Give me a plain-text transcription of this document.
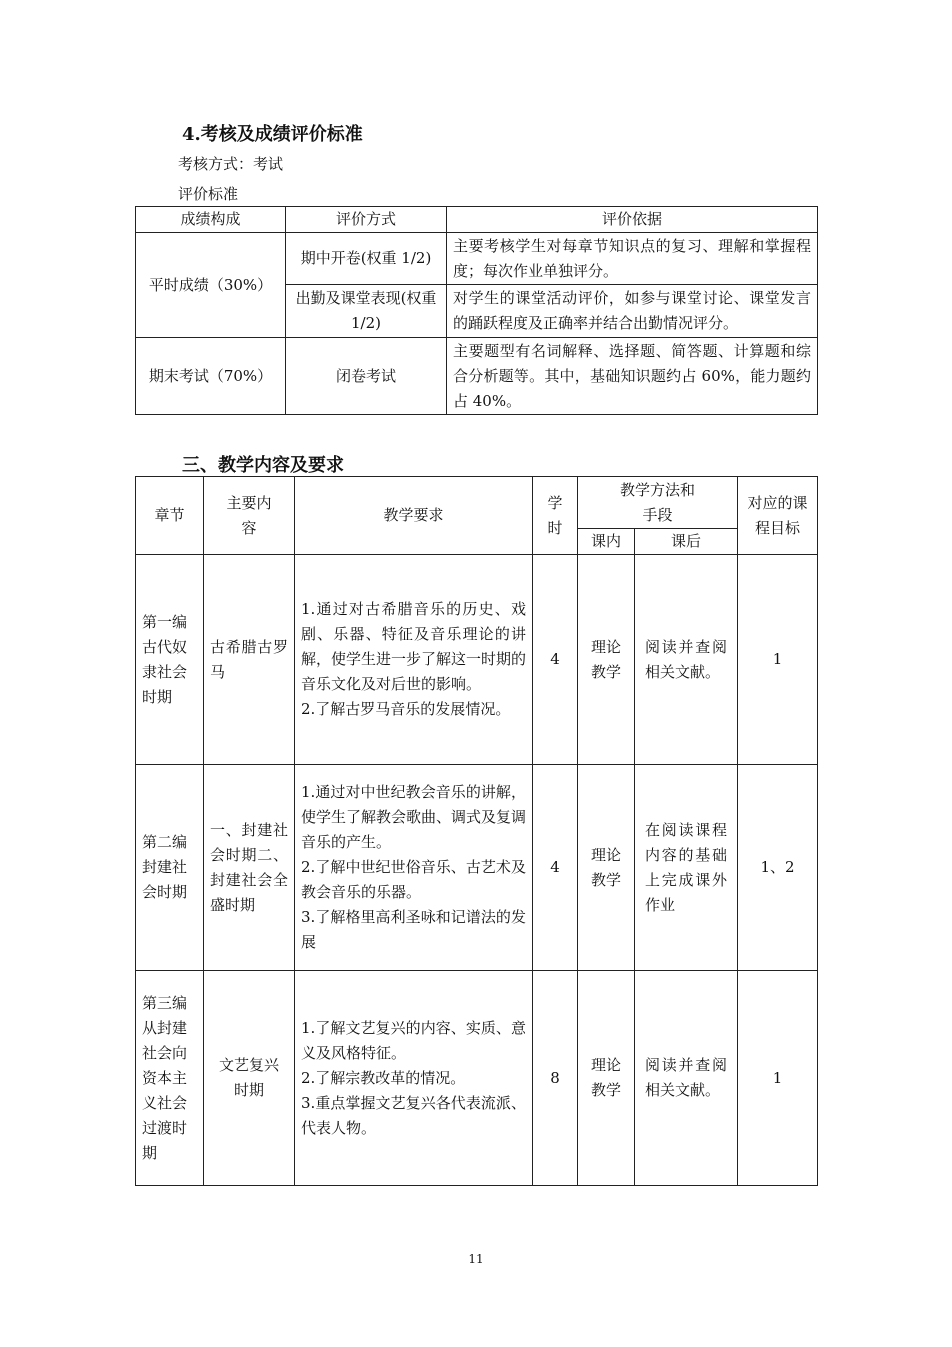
4.考核及成绩评价标准
考核方式：考试
评价标准
成绩构成	评价方式	评价依据
平时成绩（30%）	期中开卷(权重 1/2)	主要考核学生对每章节知识点的复习、理解和掌握程度；每次作业单独评分。
	出勤及课堂表现(权重 1/2)	对学生的课堂活动评价，如参与课堂讨论、课堂发言的踊跃程度及正确率并结合出勤情况评分。
期末考试（70%）	闭卷考试	主要题型有名词解释、选择题、简答题、计算题和综合分析题等。其中，基础知识题约占 60%，能力题约占 40%。
三、教学内容及要求
章节	主要内容	教学要求	学时	教学方法和手段		对应的课程目标
				课内	课后	
第一编古代奴隶社会时期	古希腊古罗马	1.通过对古希腊音乐的历史、戏剧、乐器、特征及音乐理论的讲解，使学生进一步了解这一时期的音乐文化及对后世的影响。
2.了解古罗马音乐的发展情况。	4	理论教学	阅读并查阅相关文献。	1
第二编封建社会时期	一、封建社会时期二、封建社会全盛时期	1.通过对中世纪教会音乐的讲解，使学生了解教会歌曲、调式及复调音乐的产生。
2.了解中世纪世俗音乐、古艺术及教会音乐的乐器。
3.了解格里高利圣咏和记谱法的发展	4	理论教学	在阅读课程内容的基础上完成课外作业	1、2
第三编从封建社会向资本主义社会过渡时期	文艺复兴时期	1.了解文艺复兴的内容、实质、意义及风格特征。
2.了解宗教改革的情况。
3.重点掌握文艺复兴各代表流派、代表人物。	8	理论教学	阅读并查阅相关文献。	1
11
